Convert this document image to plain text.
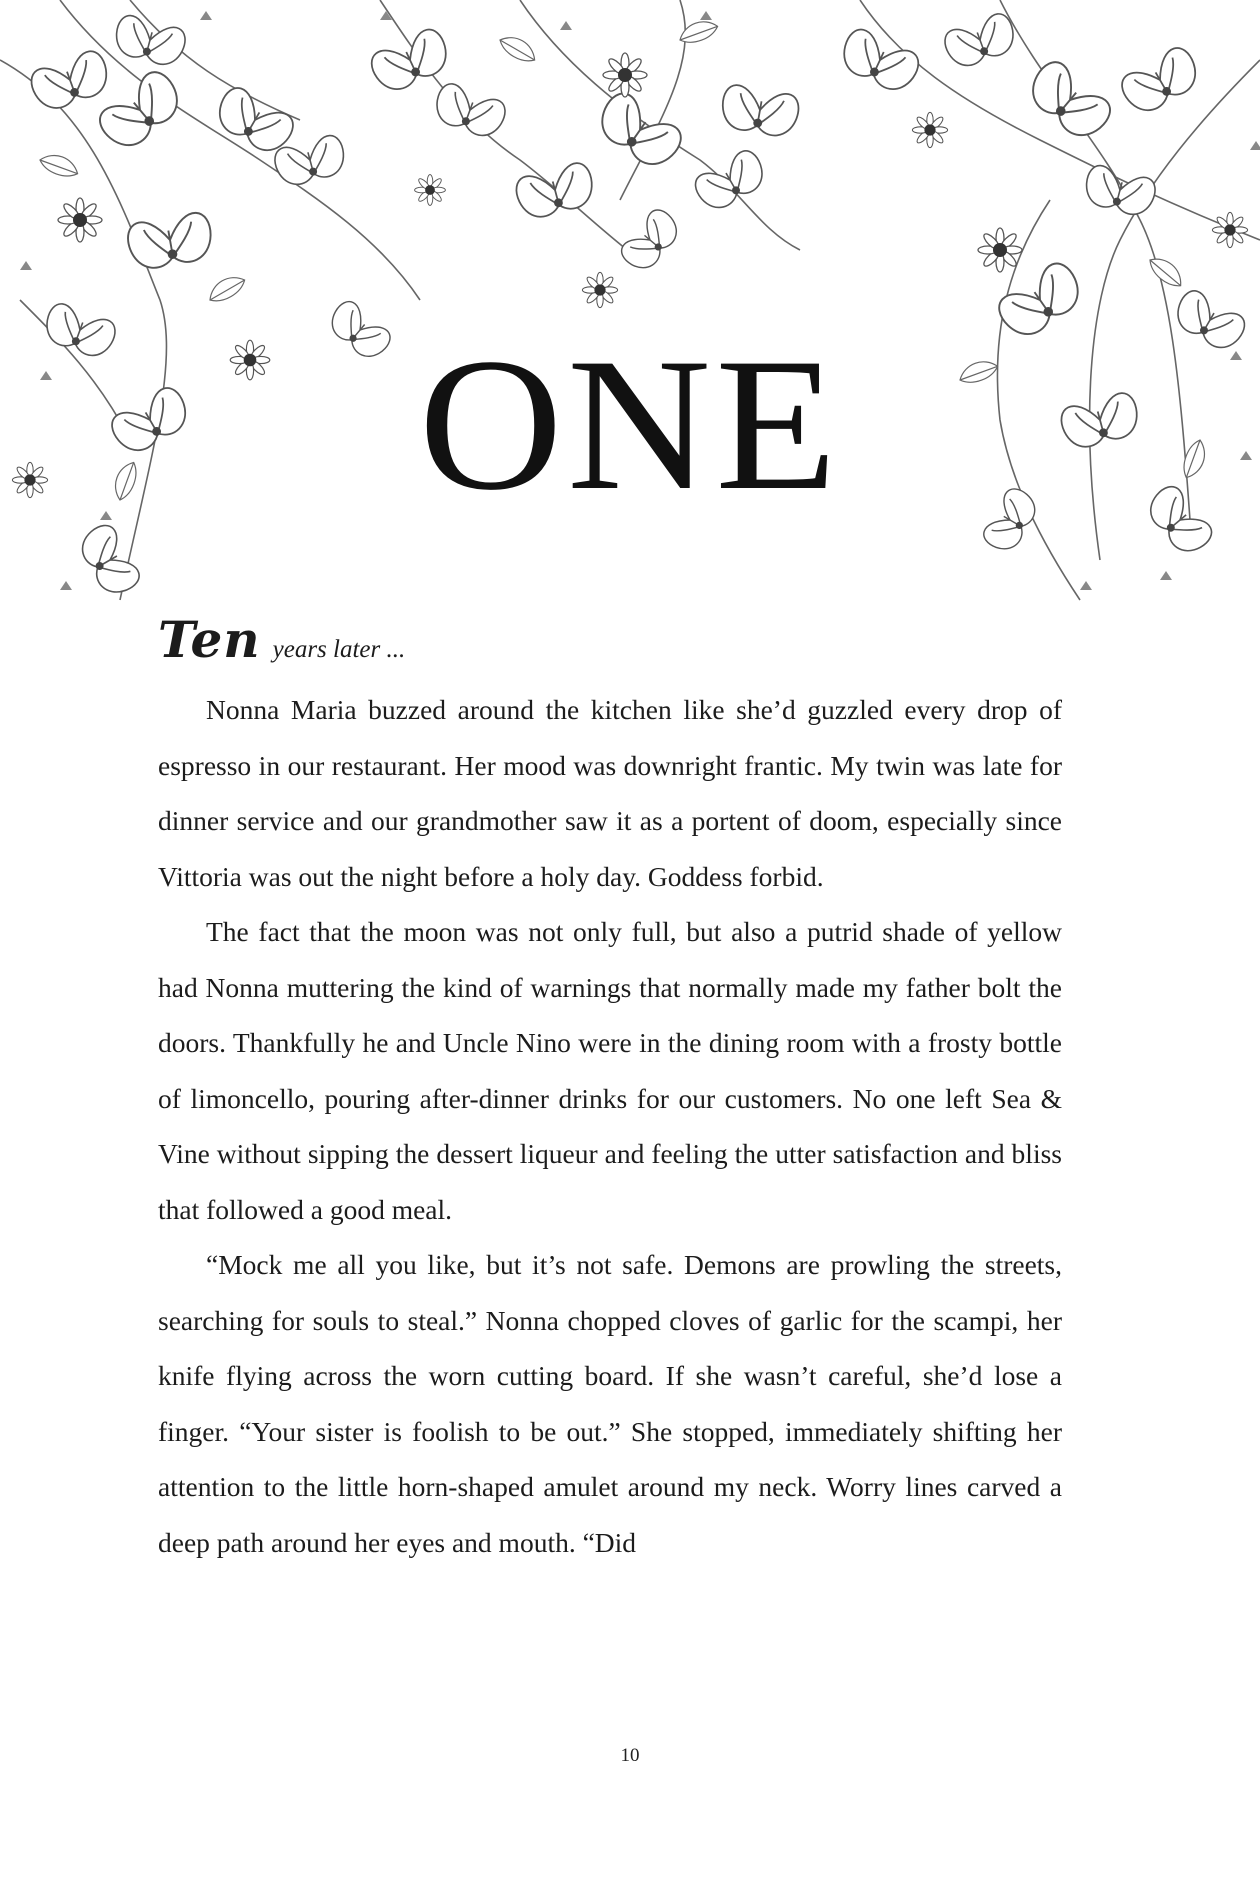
ONE
Ten years later ...

Nonna Maria buzzed around the kitchen like she’d guzzled every drop of espresso in our restaurant. Her mood was downright frantic. My twin was late for dinner service and our grandmother saw it as a portent of doom, especially since Vittoria was out the night before a holy day. Goddess forbid.

The fact that the moon was not only full, but also a putrid shade of yellow had Nonna muttering the kind of warnings that normally made my father bolt the doors. Thankfully he and Uncle Nino were in the dining room with a frosty bottle of limoncello, pouring after-dinner drinks for our customers. No one left Sea & Vine without sipping the dessert liqueur and feeling the utter satisfaction and bliss that followed a good meal.

“Mock me all you like, but it’s not safe. Demons are prowling the streets, searching for souls to steal.” Nonna chopped cloves of garlic for the scampi, her knife flying across the worn cutting board. If she wasn’t careful, she’d lose a finger. “Your sister is foolish to be out.” She stopped, immediately shifting her attention to the little horn-shaped amulet around my neck. Worry lines carved a deep path around her eyes and mouth. “Did

10
